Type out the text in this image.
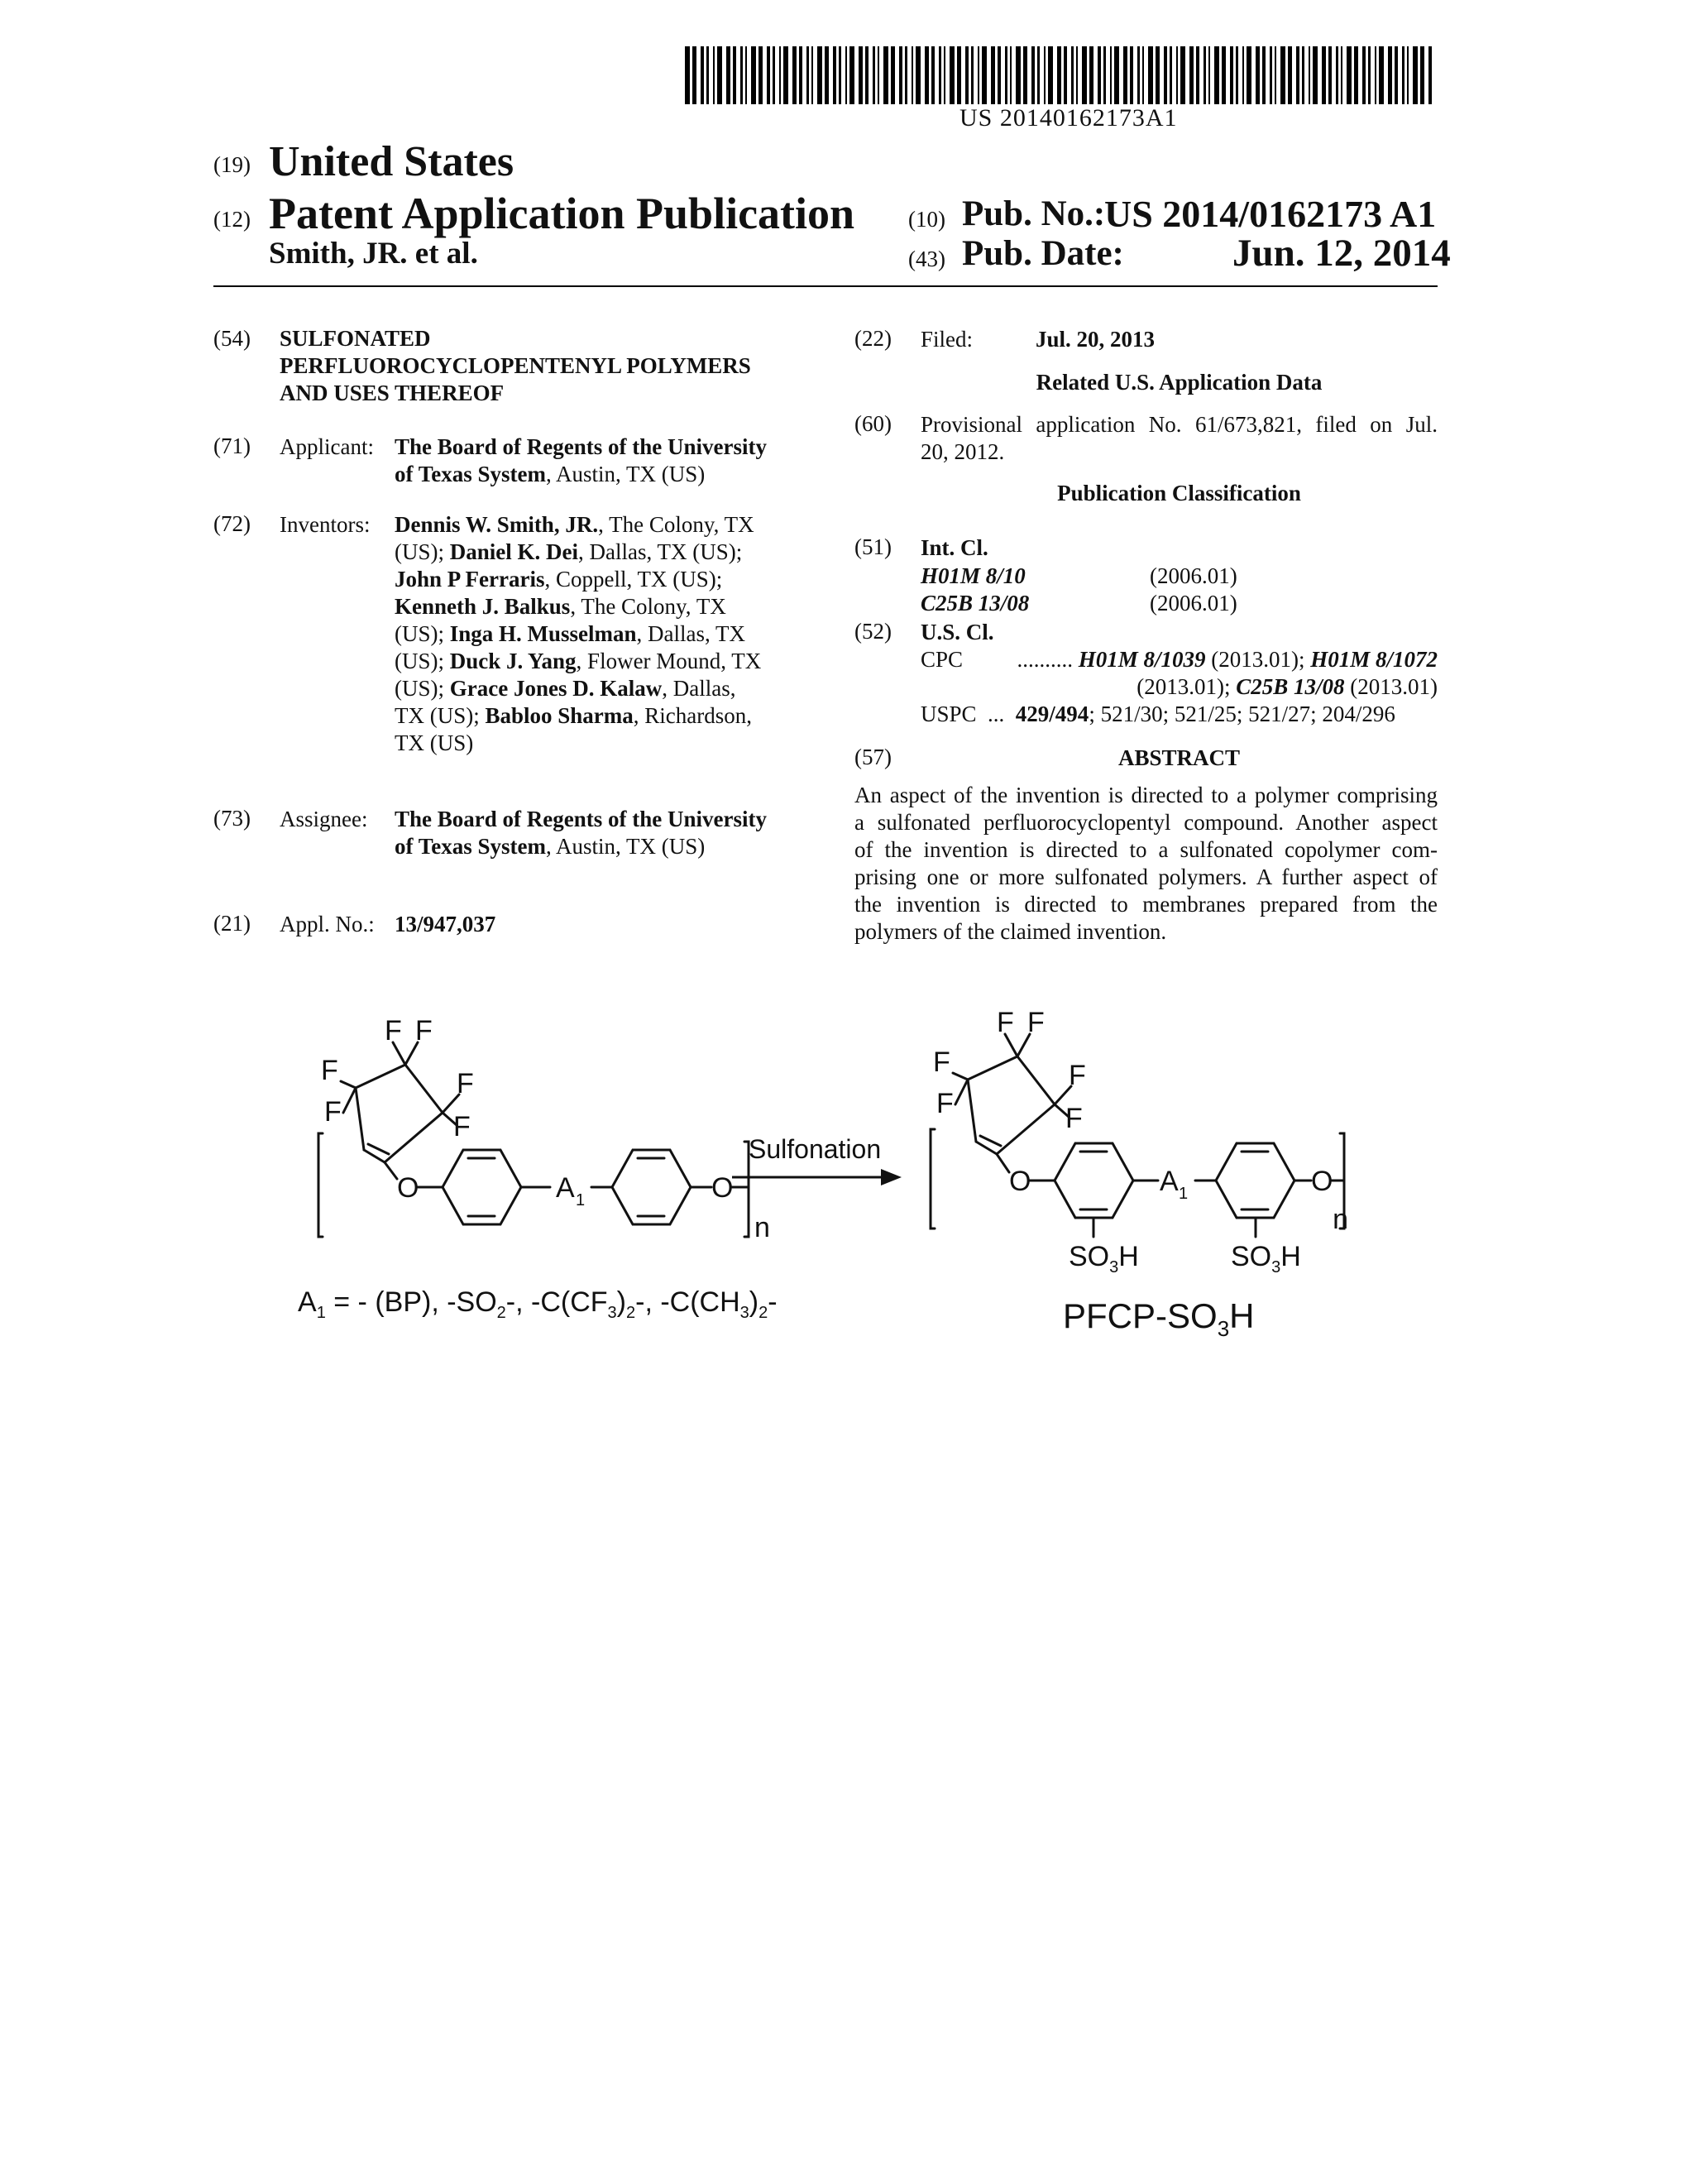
US 20140162173A1
(19) United States
(12) Patent Application Publication
Smith, JR. et al.
(10) Pub. No.:
US 2014/0162173 A1
(43) Pub. Date:	Jun. 12, 2014
(54) SULFONATED
PERFLUOROCYCLOPENTENYL POLYMERS
AND USES THEREOF
(71) Applicant: The Board of Regents of the University
of Texas System, Austin, TX (US)
(72) Inventors: Dennis W. Smith, JR., The Colony, TX
(US); Daniel K. Dei, Dallas, TX (US);
John P Ferraris, Coppell, TX (US);
Kenneth J. Balkus, The Colony, TX
(US); Inga H. Musselman, Dallas, TX
(US); Duck J. Yang, Flower Mound, TX
(US); Grace Jones D. Kalaw, Dallas,
TX (US); Babloo Sharma, Richardson,
TX (US)
(73) Assignee: The Board of Regents of the University
of Texas System, Austin, TX (US)
(21) Appl. No.: 13/947,037
(22) Filed:	Jul. 20, 2013
Related U.S. Application Data
(60) Provisional application No. 61/673,821, filed on Jul.
20, 2012.
Publication Classification
(51) Int. Cl.
H01M 8/10	(2006.01)
C25B 13/08	(2006.01)
(52) U.S. Cl.
CPC	.......... H01M 8/1039 (2013.01); H01M 8/1072
(2013.01); C25B 13/08 (2013.01)
USPC ... 429/494; 521/30; 521/25; 521/27; 204/296
(57)	ABSTRACT
An aspect of the invention is directed to a polymer comprising
a sulfonated perfluorocyclopentyl compound. Another aspect
of the invention is directed to a sulfonated copolymer com-
prising one or more sulfonated polymers. A further aspect of
the invention is directed to membranes prepared from the
polymers of the claimed invention.
F F
F	F
F	F
O	A 1	O
n
Sulfonation
F F
F	F
F	F
O	A 1	O
n
$SO_3H$	$SO_3H$
$A_1$ = - (BP), $-SO_2-$, $-C(CF_3)_2-$, $-C(CH_3)_2-$	PFCP-$SO_3H$
